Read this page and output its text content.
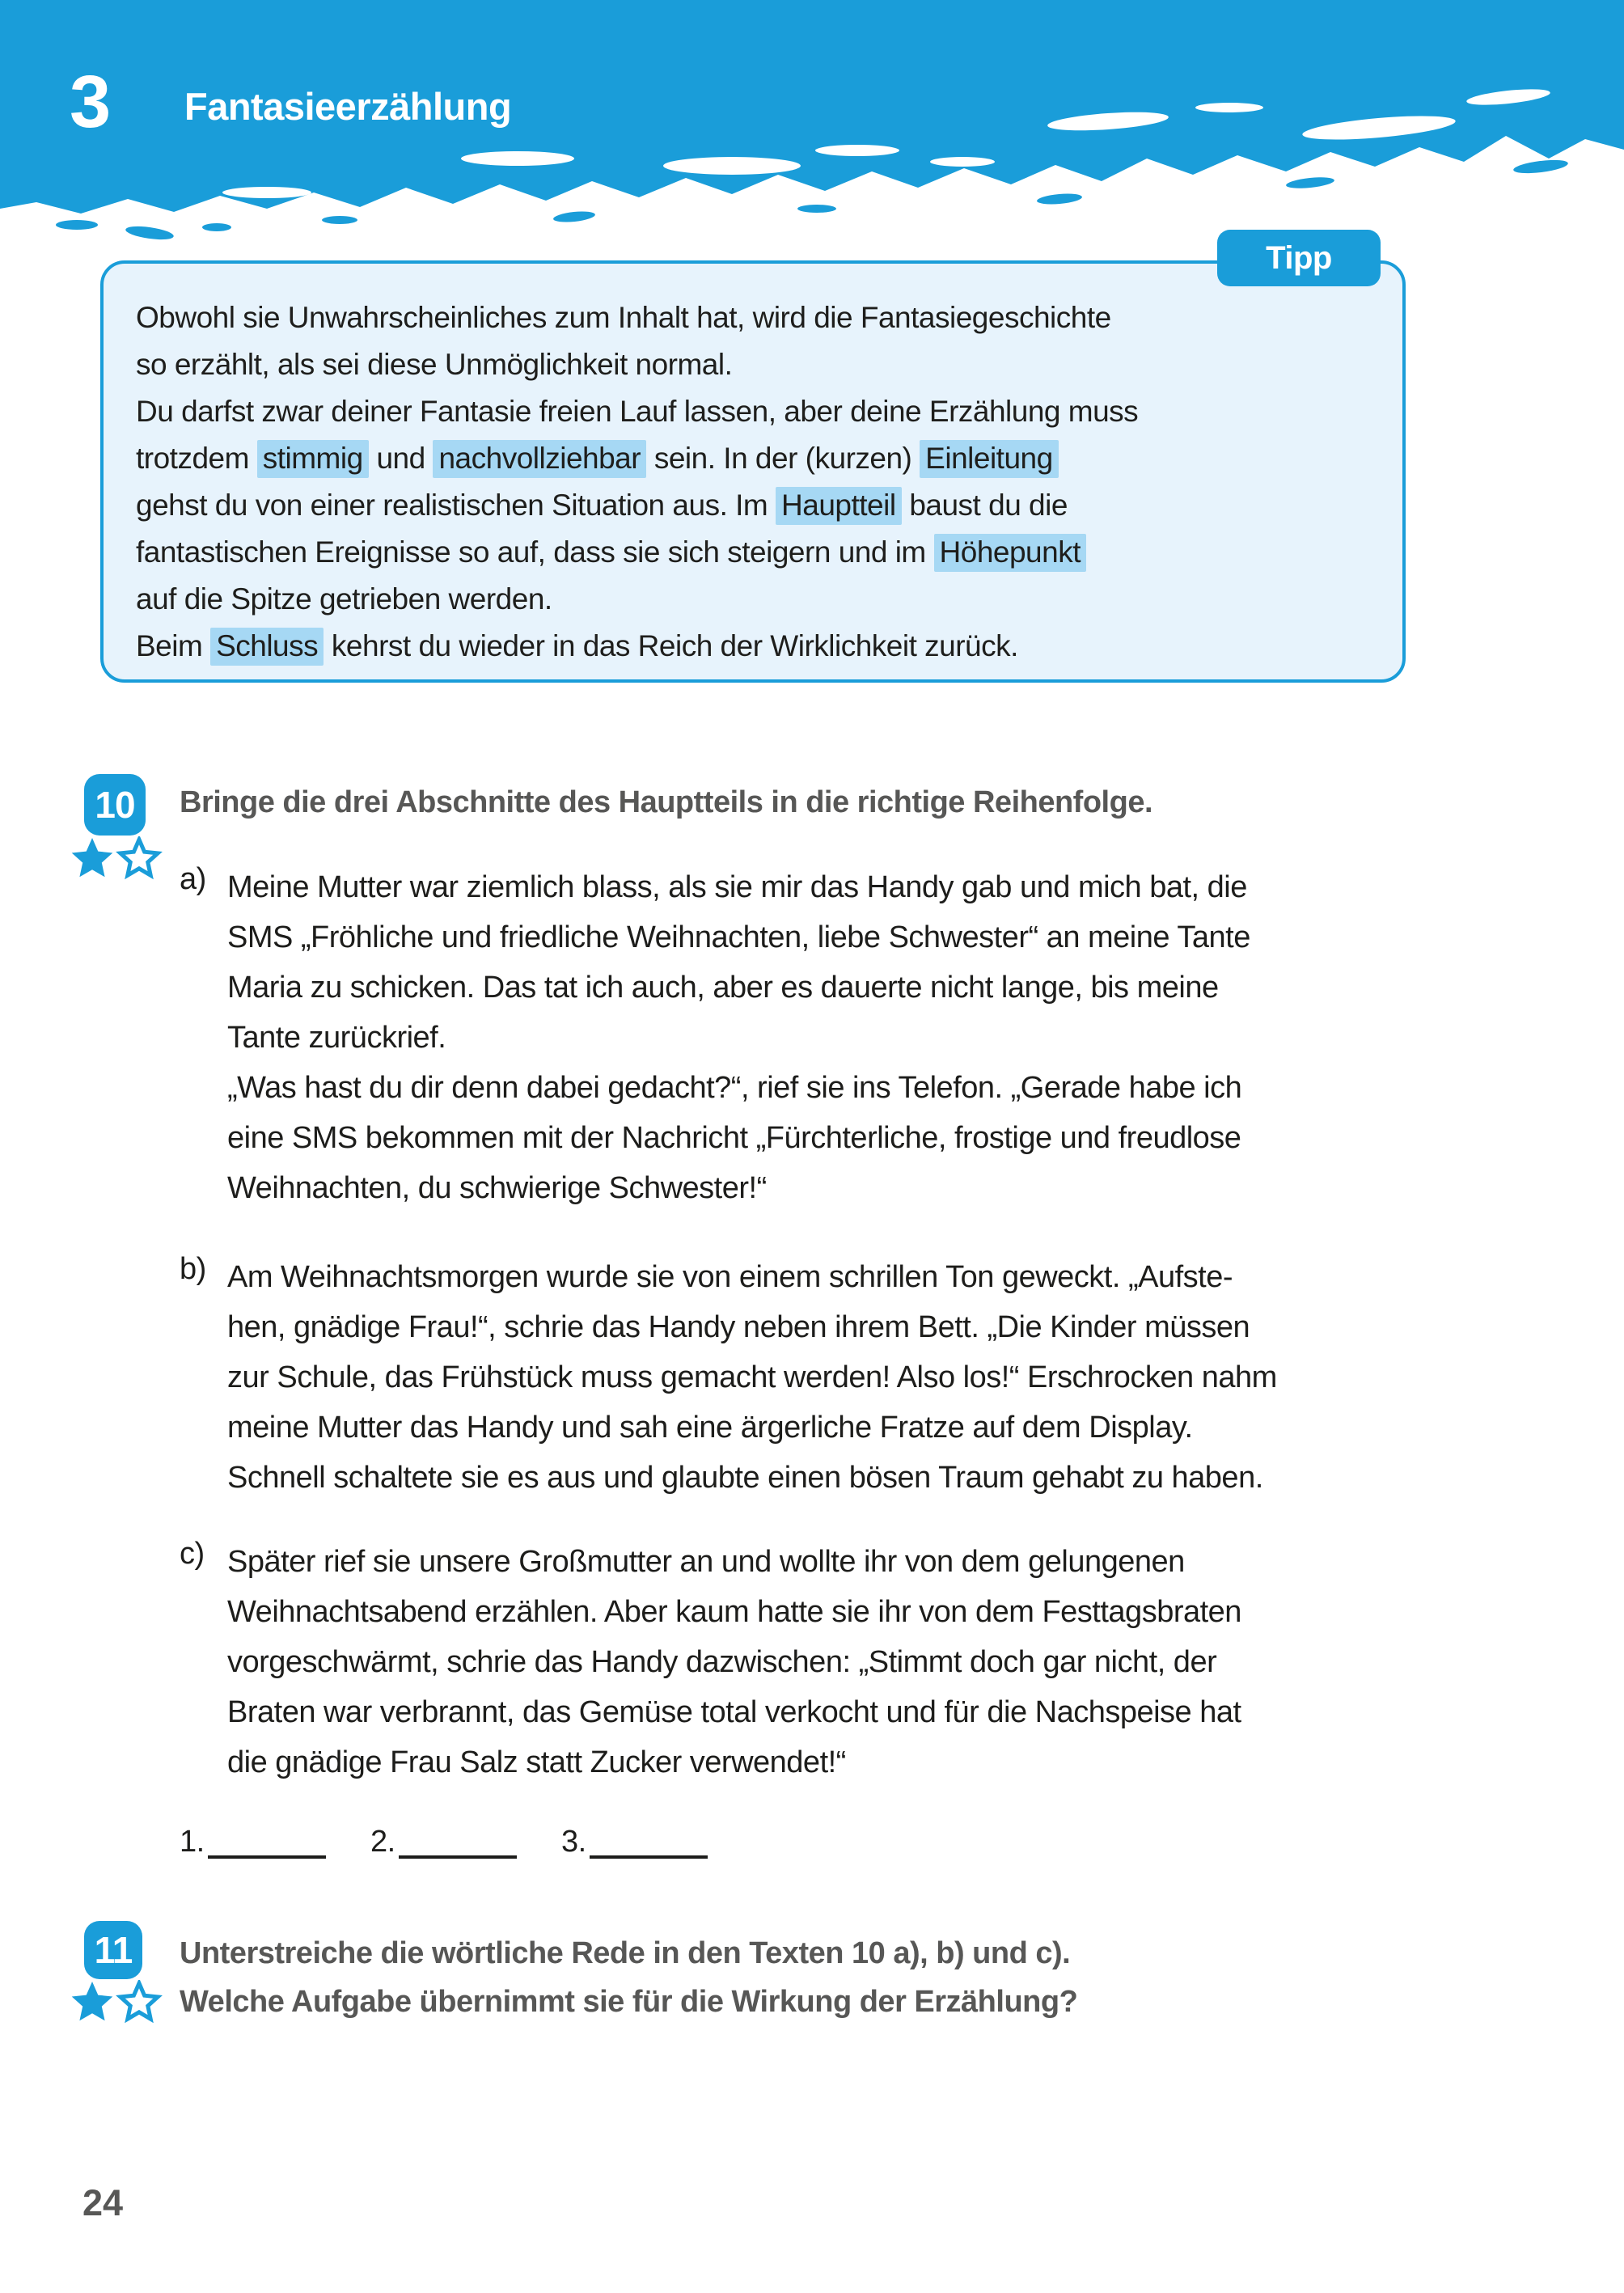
3 Fantasieerzählung
Tipp
Obwohl sie Unwahrscheinliches zum Inhalt hat, wird die Fantasiegeschichte
so erzählt, als sei diese Unmöglichkeit normal.
Du darfst zwar deiner Fantasie freien Lauf lassen, aber deine Erzählung muss
trotzdem stimmig und nachvollziehbar sein. In der (kurzen) Einleitung
gehst du von einer realistischen Situation aus. Im Hauptteil baust du die
fantastischen Ereignisse so auf, dass sie sich steigern und im Höhepunkt
auf die Spitze getrieben werden.
Beim Schluss kehrst du wieder in das Reich der Wirklichkeit zurück.
10 Bringe die drei Abschnitte des Hauptteils in die richtige Reihenfolge.
a) Meine Mutter war ziemlich blass, als sie mir das Handy gab und mich bat, die
SMS „Fröhliche und friedliche Weihnachten, liebe Schwester“ an meine Tante
Maria zu schicken. Das tat ich auch, aber es dauerte nicht lange, bis meine
Tante zurückrief.
„Was hast du dir denn dabei gedacht?“, rief sie ins Telefon. „Gerade habe ich
eine SMS bekommen mit der Nachricht „Fürchterliche, frostige und freudlose
Weihnachten, du schwierige Schwester!“
b) Am Weihnachtsmorgen wurde sie von einem schrillen Ton geweckt. „Aufste-
hen, gnädige Frau!“, schrie das Handy neben ihrem Bett. „Die Kinder müssen
zur Schule, das Frühstück muss gemacht werden! Also los!“ Erschrocken nahm
meine Mutter das Handy und sah eine ärgerliche Fratze auf dem Display.
Schnell schaltete sie es aus und glaubte einen bösen Traum gehabt zu haben.
c) Später rief sie unsere Großmutter an und wollte ihr von dem gelungenen
Weihnachtsabend erzählen. Aber kaum hatte sie ihr von dem Festtagsbraten
vorgeschwärmt, schrie das Handy dazwischen: „Stimmt doch gar nicht, der
Braten war verbrannt, das Gemüse total verkocht und für die Nachspeise hat
die gnädige Frau Salz statt Zucker verwendet!“
1.	2.	3.
11 Unterstreiche die wörtliche Rede in den Texten 10 a), b) und c).
Welche Aufgabe übernimmt sie für die Wirkung der Erzählung?
24
